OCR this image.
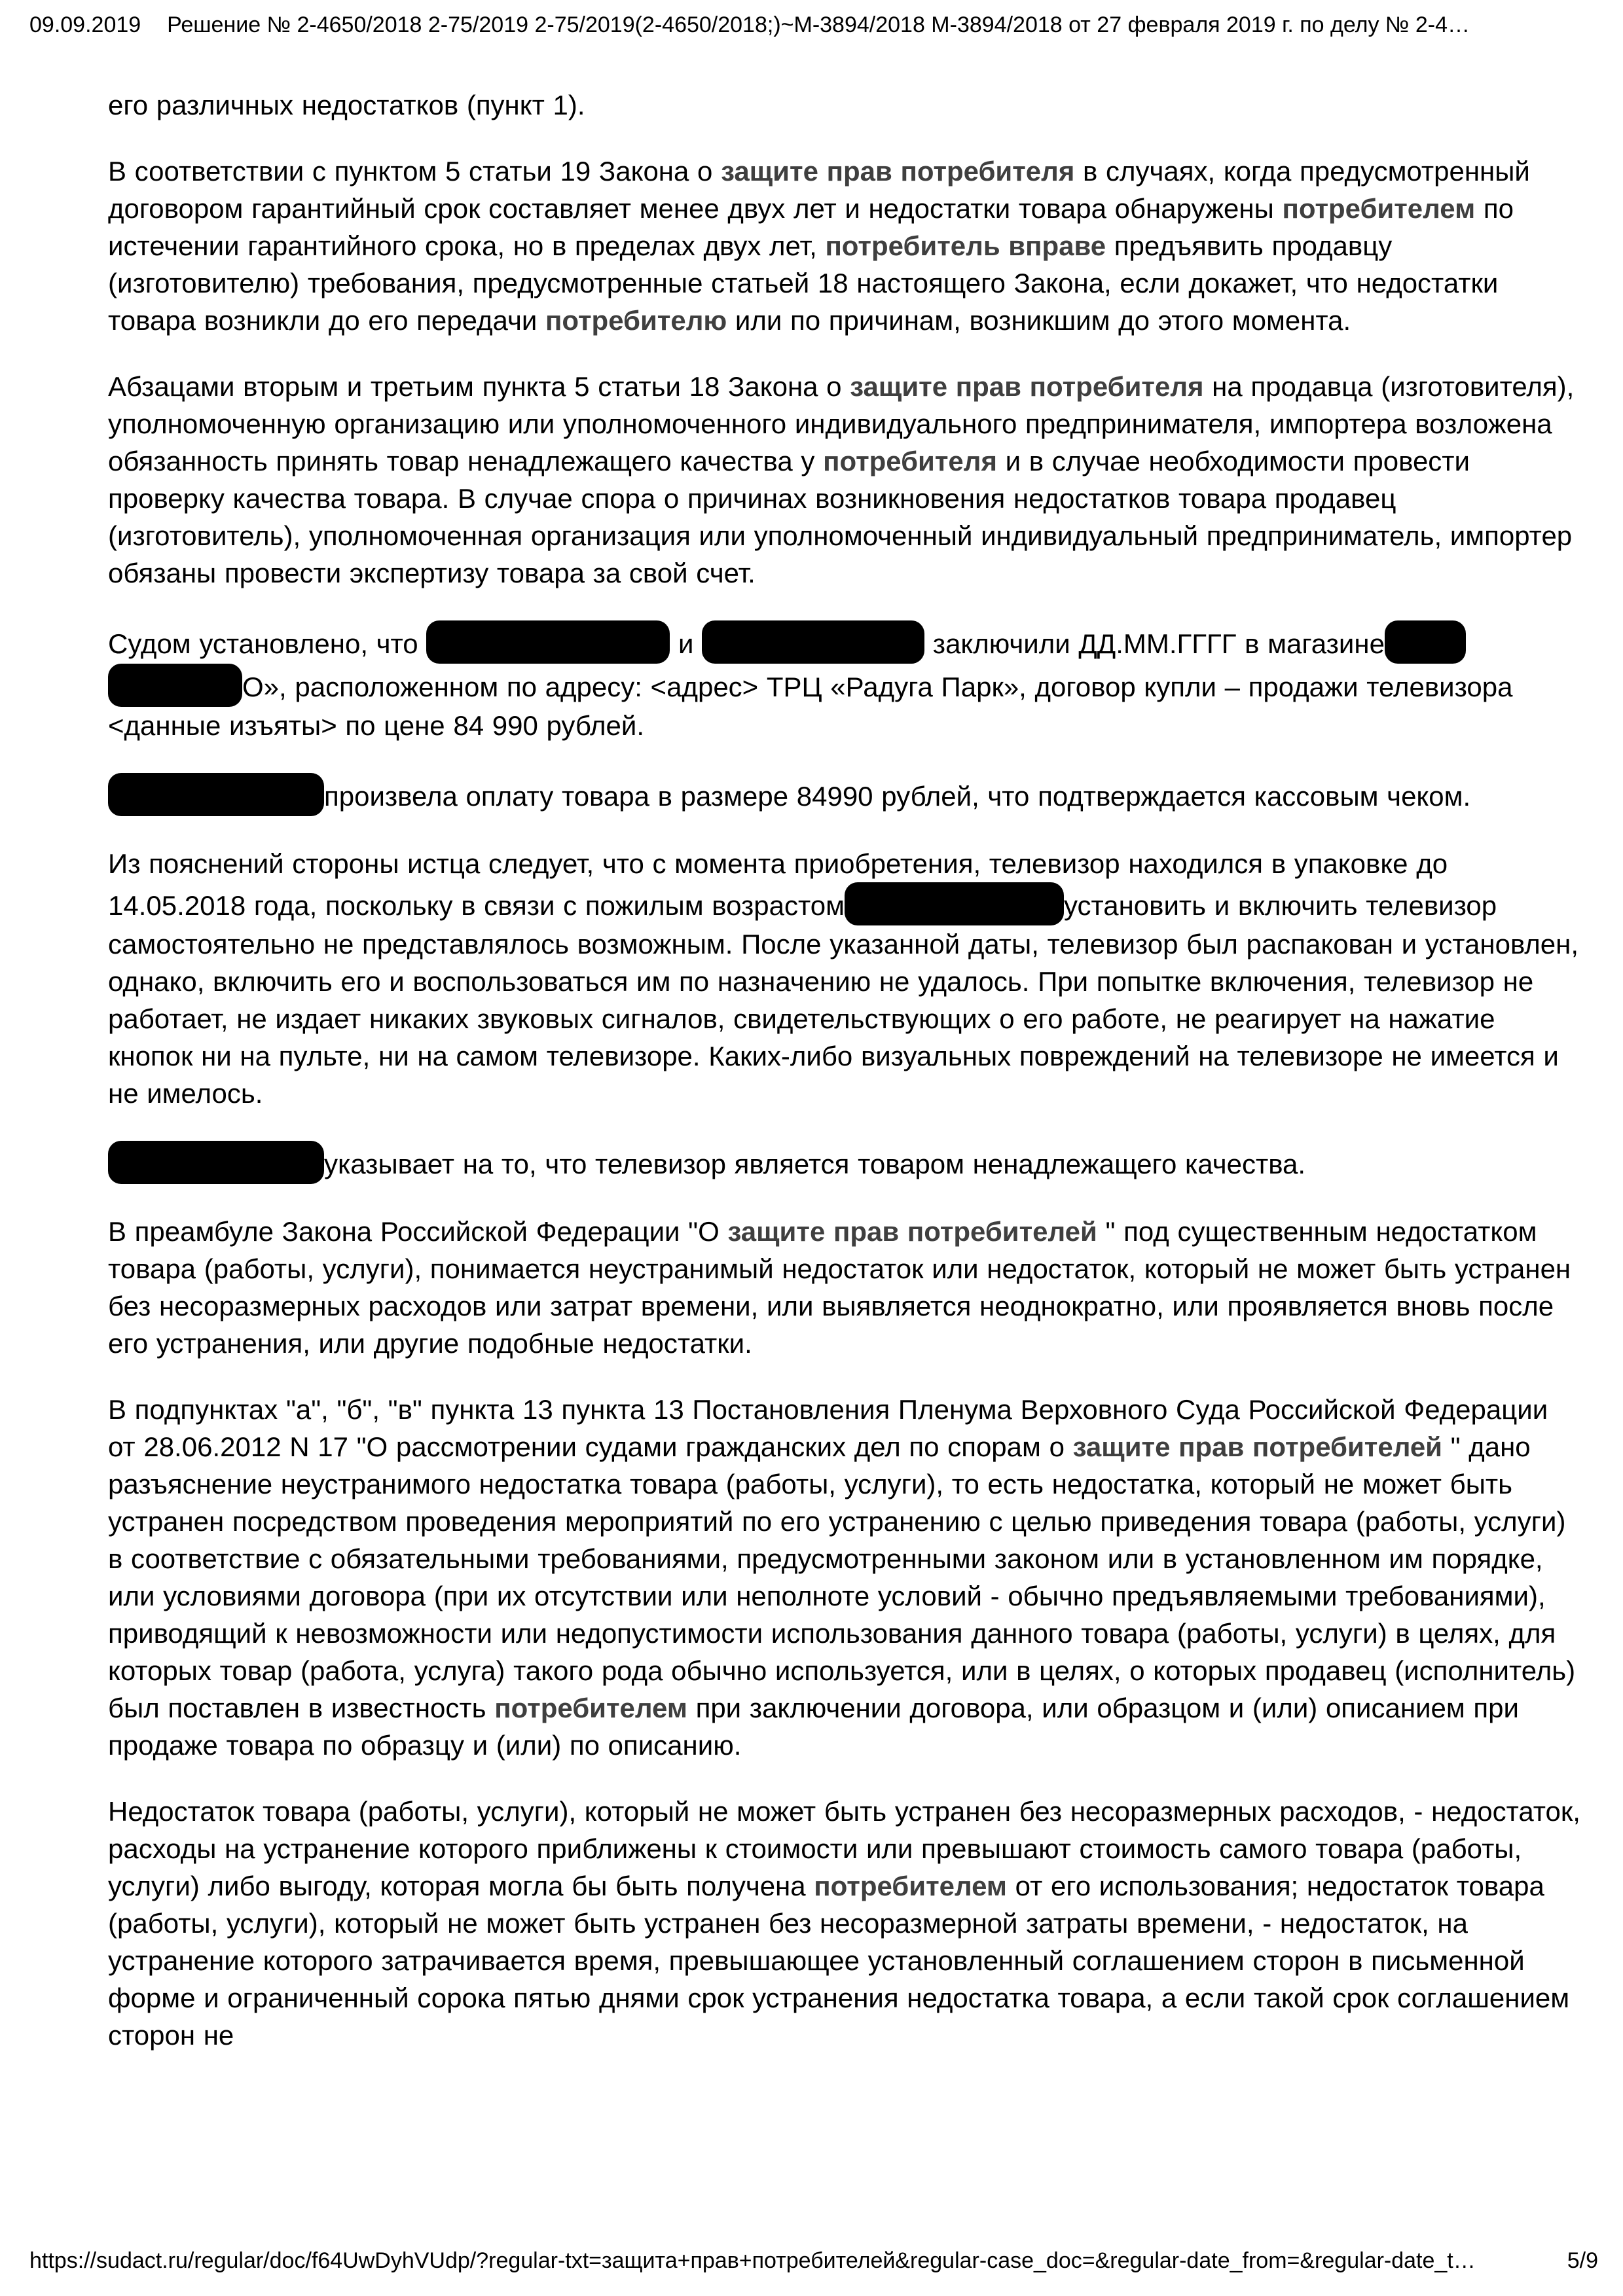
09.09.2019 Решение № 2-4650/2018 2-75/2019 2-75/2019(2-4650/2018;)~М-3894/2018 М-3894/2018 от 27 февраля 2019 г. по делу № 2-4…

его различных недостатков (пункт 1).

В соответствии с пунктом 5 статьи 19 Закона о защите прав потребителя в случаях, когда предусмотренный договором гарантийный срок составляет менее двух лет и недостатки товара обнаружены потребителем по истечении гарантийного срока, но в пределах двух лет, потребитель вправе предъявить продавцу (изготовителю) требования, предусмотренные статьей 18 настоящего Закона, если докажет, что недостатки товара возникли до его передачи потребителю или по причинам, возникшим до этого момента.

Абзацами вторым и третьим пункта 5 статьи 18 Закона о защите прав потребителя на продавца (изготовителя), уполномоченную организацию или уполномоченного индивидуального предпринимателя, импортера возложена обязанность принять товар ненадлежащего качества у потребителя и в случае необходимости провести проверку качества товара. В случае спора о причинах возникновения недостатков товара продавец (изготовитель), уполномоченная организация или уполномоченный индивидуальный предприниматель, импортер обязаны провести экспертизу товара за свой счет.

Судом установлено, что	и	заключили ДД.ММ.ГГГГ в магазине О», расположенном по адресу: <адрес> ТРЦ «Радуга Парк», договор купли – продажи телевизора <данные изъяты> по цене 84 990 рублей.

произвела оплату товара в размере 84990 рублей, что подтверждается кассовым чеком.

Из пояснений стороны истца следует, что с момента приобретения, телевизор находился в упаковке до 14.05.2018 года, поскольку в связи с пожилым возрастом	установить и включить телевизор самостоятельно не представлялось возможным. После указанной даты, телевизор был распакован и установлен, однако, включить его и воспользоваться им по назначению не удалось. При попытке включения, телевизор не работает, не издает никаких звуковых сигналов, свидетельствующих о его работе, не реагирует на нажатие кнопок ни на пульте, ни на самом телевизоре. Каких-либо визуальных повреждений на телевизоре не имеется и не имелось.

указывает на то, что телевизор является товаром ненадлежащего качества.

В преамбуле Закона Российской Федерации "О защите прав потребителей " под существенным недостатком товара (работы, услуги), понимается неустранимый недостаток или недостаток, который не может быть устранен без несоразмерных расходов или затрат времени, или выявляется неоднократно, или проявляется вновь после его устранения, или другие подобные недостатки.

В подпунктах "а", "б", "в" пункта 13 пункта 13 Постановления Пленума Верховного Суда Российской Федерации от 28.06.2012 N 17 "О рассмотрении судами гражданских дел по спорам о защите прав потребителей " дано разъяснение неустранимого недостатка товара (работы, услуги), то есть недостатка, который не может быть устранен посредством проведения мероприятий по его устранению с целью приведения товара (работы, услуги) в соответствие с обязательными требованиями, предусмотренными законом или в установленном им порядке, или условиями договора (при их отсутствии или неполноте условий - обычно предъявляемыми требованиями), приводящий к невозможности или недопустимости использования данного товара (работы, услуги) в целях, для которых товар (работа, услуга) такого рода обычно используется, или в целях, о которых продавец (исполнитель) был поставлен в известность потребителем при заключении договора, или образцом и (или) описанием при продаже товара по образцу и (или) по описанию.

Недостаток товара (работы, услуги), который не может быть устранен без несоразмерных расходов, - недостаток, расходы на устранение которого приближены к стоимости или превышают стоимость самого товара (работы, услуги) либо выгоду, которая могла бы быть получена потребителем от его использования; недостаток товара (работы, услуги), который не может быть устранен без несоразмерной затраты времени, - недостаток, на устранение которого затрачивается время, превышающее установленный соглашением сторон в письменной форме и ограниченный сорока пятью днями срок устранения недостатка товара, а если такой срок соглашением сторон не

https://sudact.ru/regular/doc/f64UwDyhVUdp/?regular-txt=защита+прав+потребителей&regular-case_doc=&regular-date_from=&regular-date_t…	5/9
